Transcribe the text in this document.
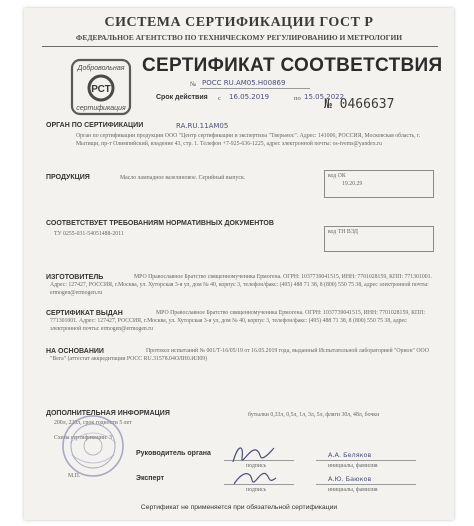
СИСТЕМА СЕРТИФИКАЦИИ ГОСТ Р
ФЕДЕРАЛЬНОЕ АГЕНТСТВО ПО ТЕХНИЧЕСКОМУ РЕГУЛИРОВАНИЮ И МЕТРОЛОГИИ
Добровольная
РСТ
сертификация
СЕРТИФИКАТ СООТВЕТСТВИЯ
№ РОСС RU.AM05.H00869
Срок действия с 16.05.2019	по 15.05.2022
№ 0466637
ОРГАН ПО СЕРТИФИКАЦИИ	RA.RU.11AM05
Орган по сертификации продукции ООО "Центр сертификации и экспертизы "Тверьмос". Адрес: 141006, РОССИЯ, Московская область, г. Мытищи, пр-т Олимпийский, владение 43, стр. 1. Телефон +7-925-636-1225, адрес электронной почты: os-tvems@yandex.ru
ПРОДУКЦИЯ	Масло лампадное вазелиновое. Серийный выпуск.	код ОК
19.20.29
СООТВЕТСТВУЕТ ТРЕБОВАНИЯМ НОРМАТИВНЫХ ДОКУМЕНТОВ
ТУ 0255-031-54051488-2011	код ТН ВЭД
ИЗГОТОВИТЕЛЬ	МРО Православное Братство священномученика Ермогена. ОГРН: 1037739041515, ИНН: 7701028159, КПП: 771301001. Адрес: 127427, РОССИЯ, г.Москва, ул. Хуторская 3-я ул, дом № 40, корпус 3, телефон/факс: (495) 488 71 38, 8 (800) 550 75 38, адрес электронной почты: ermogen@ermogen.ru
СЕРТИФИКАТ ВЫДАН	МРО Православное Братство священномученика Ермогена. ОГРН: 1037739041515, ИНН: 7701028159, КПП: 771301001. Адрес: 127427, РОССИЯ, г.Москва, ул. Хуторская 3-я ул, дом № 40, корпус 3, телефон/факс: (495) 488 71 38, 8 (800) 550 75 38, адрес электронной почты: ermogen@ermogen.ru
НА ОСНОВАНИИ	Протокол испытаний № 001/Т-16/05/19 от 16.05.2019 года, выданный Испытательной лабораторией "Орион" ООО "Вега" (аттестат аккредитации РОСС RU.31578.04ОЛН0.ИЛ09)
ДОПОЛНИТЕЛЬНАЯ ИНФОРМАЦИЯ	бутылки 0,33л, 0,5л, 1л, 3л, 5л, фляги 30л, 48л, бочки
200л, 220л, срок годности 5 лет
Схема сертификации: 3
М.П.
Руководитель органа
подпись
А.А. Беляков
инициалы, фамилия
Эксперт
подпись
А.Ю. Баюков
инициалы, фамилия
Сертификат не применяется при обязательной сертификации
